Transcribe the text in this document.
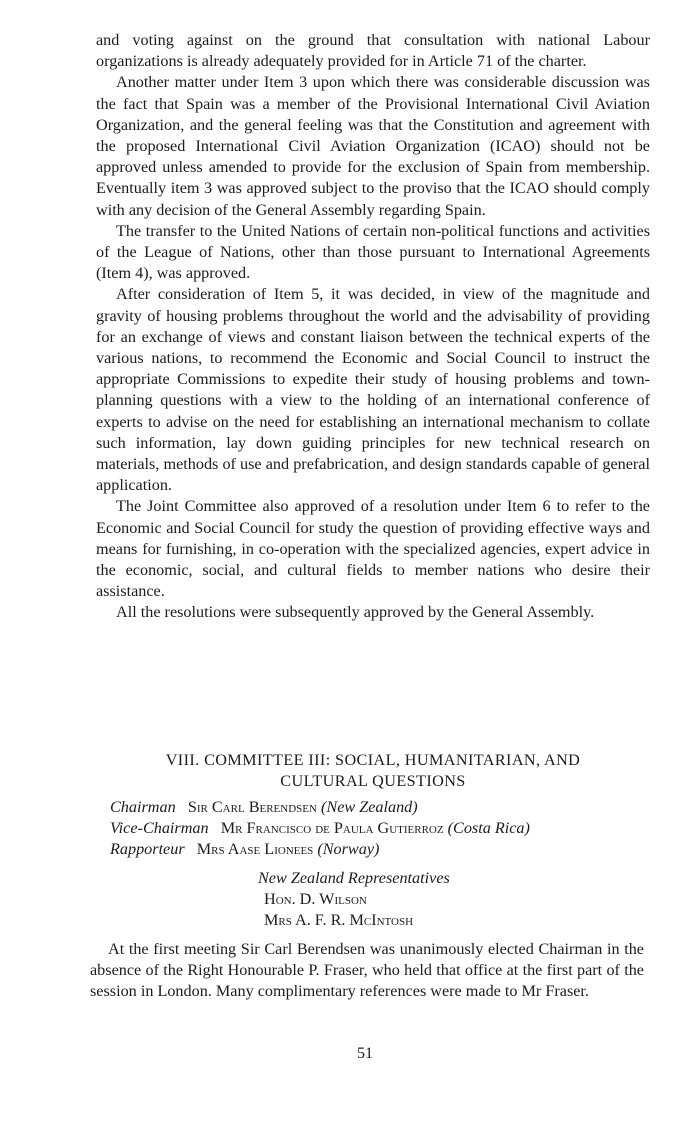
and voting against on the ground that consultation with national Labour organizations is already adequately provided for in Article 71 of the charter.

Another matter under Item 3 upon which there was considerable discussion was the fact that Spain was a member of the Provisional International Civil Aviation Organization, and the general feeling was that the Constitution and agreement with the proposed International Civil Aviation Organization (ICAO) should not be approved unless amended to provide for the exclusion of Spain from membership. Eventually item 3 was approved subject to the proviso that the ICAO should comply with any decision of the General Assembly regarding Spain.

The transfer to the United Nations of certain non-political functions and activities of the League of Nations, other than those pursuant to International Agreements (Item 4), was approved.

After consideration of Item 5, it was decided, in view of the magnitude and gravity of housing problems throughout the world and the advisability of providing for an exchange of views and constant liaison between the technical experts of the various nations, to recommend the Economic and Social Council to instruct the appropriate Commissions to expedite their study of housing problems and town-planning questions with a view to the holding of an international conference of experts to advise on the need for establishing an international mechanism to collate such information, lay down guiding principles for new technical research on materials, methods of use and prefabrication, and design standards capable of general application.

The Joint Committee also approved of a resolution under Item 6 to refer to the Economic and Social Council for study the question of providing effective ways and means for furnishing, in co-operation with the specialized agencies, expert advice in the economic, social, and cultural fields to member nations who desire their assistance.

All the resolutions were subsequently approved by the General Assembly.

VIII. COMMITTEE III: SOCIAL, HUMANITARIAN, AND
CULTURAL QUESTIONS
Chairman Sir Carl Berendsen (New Zealand)
Vice-Chairman Mr Francisco de Paula Gutierroz (Costa Rica)
Rapporteur Mrs Aase Lionees (Norway)
New Zealand Representatives
Hon. D. Wilson
Mrs A. F. R. McIntosh

At the first meeting Sir Carl Berendsen was unanimously elected Chairman in the absence of the Right Honourable P. Fraser, who held that office at the first part of the session in London. Many complimentary references were made to Mr Fraser.

51
